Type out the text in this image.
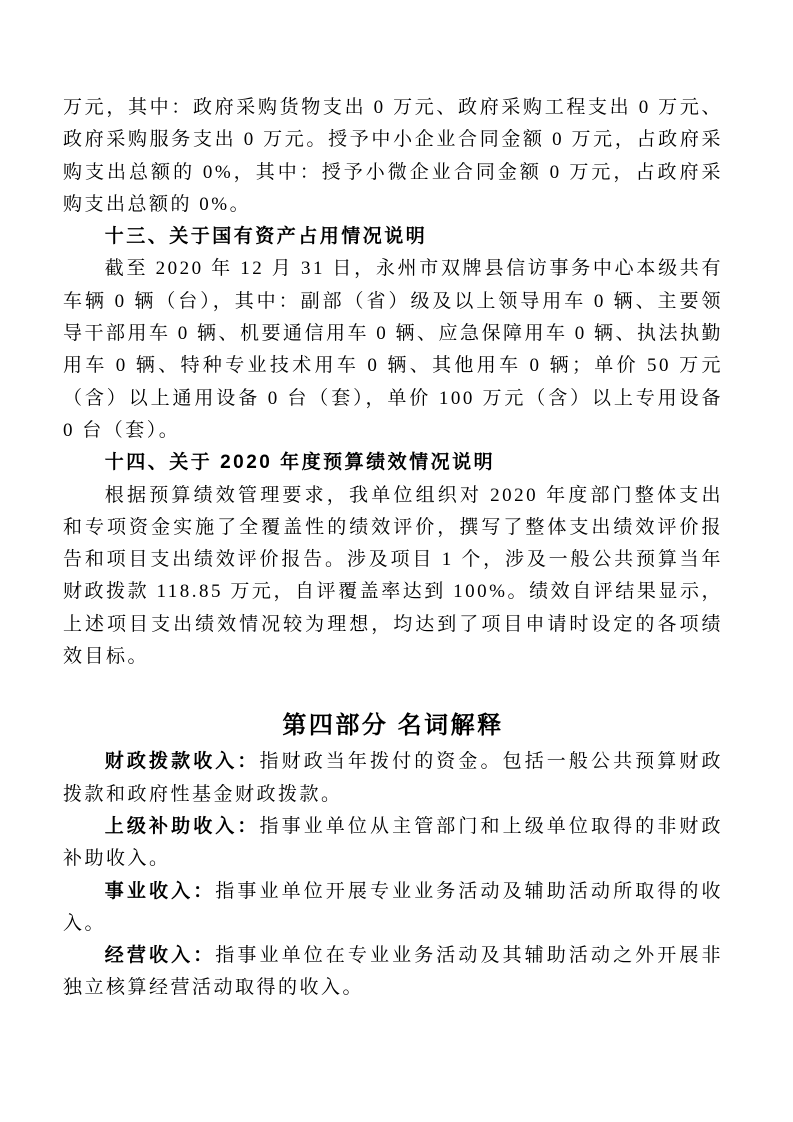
万元，其中：政府采购货物支出 0 万元、政府采购工程支出 0 万元、政府采购服务支出 0 万元。授予中小企业合同金额 0 万元，占政府采购支出总额的 0%，其中：授予小微企业合同金额 0 万元，占政府采购支出总额的 0%。

十三、关于国有资产占用情况说明

截至 2020 年 12 月 31 日，永州市双牌县信访事务中心本级共有车辆 0 辆（台），其中：副部（省）级及以上领导用车 0 辆、主要领导干部用车 0 辆、机要通信用车 0 辆、应急保障用车 0 辆、执法执勤用车 0 辆、特种专业技术用车 0 辆、其他用车 0 辆；单价 50 万元（含）以上通用设备 0 台（套），单价 100 万元（含）以上专用设备 0 台（套）。

十四、关于 2020 年度预算绩效情况说明

根据预算绩效管理要求，我单位组织对 2020 年度部门整体支出和专项资金实施了全覆盖性的绩效评价，撰写了整体支出绩效评价报告和项目支出绩效评价报告。涉及项目 1 个，涉及一般公共预算当年财政拨款 118.85 万元，自评覆盖率达到 100%。绩效自评结果显示，上述项目支出绩效情况较为理想，均达到了项目申请时设定的各项绩效目标。

第四部分 名词解释

财政拨款收入：指财政当年拨付的资金。包括一般公共预算财政拨款和政府性基金财政拨款。

上级补助收入：指事业单位从主管部门和上级单位取得的非财政补助收入。

事业收入：指事业单位开展专业业务活动及辅助活动所取得的收入。

经营收入：指事业单位在专业业务活动及其辅助活动之外开展非独立核算经营活动取得的收入。
